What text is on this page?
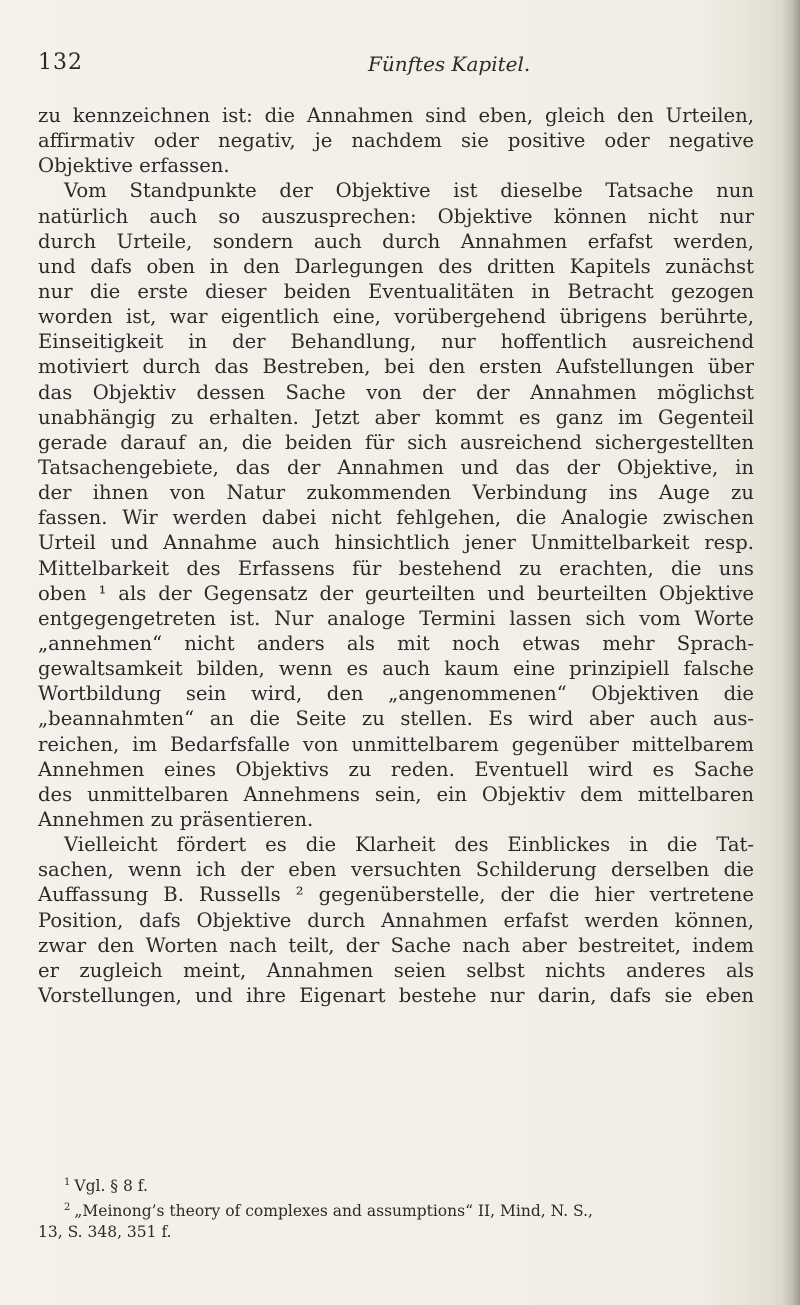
132	Fünftes Kapitel.
zu kennzeichnen ist: die Annahmen sind eben, gleich den Urteilen,
affirmativ oder negativ, je nachdem sie positive oder negative
Objektive erfassen.
Vom Standpunkte der Objektive ist dieselbe Tatsache nun
natürlich auch so auszusprechen: Objektive können nicht nur
durch Urteile, sondern auch durch Annahmen erfafst werden,
und dafs oben in den Darlegungen des dritten Kapitels zunächst
nur die erste dieser beiden Eventualitäten in Betracht gezogen
worden ist, war eigentlich eine, vorübergehend übrigens berührte,
Einseitigkeit in der Behandlung, nur hoffentlich ausreichend
motiviert durch das Bestreben, bei den ersten Aufstellungen über
das Objektiv dessen Sache von der der Annahmen möglichst
unabhängig zu erhalten. Jetzt aber kommt es ganz im Gegenteil
gerade darauf an, die beiden für sich ausreichend sichergestellten
Tatsachengebiete, das der Annahmen und das der Objektive, in
der ihnen von Natur zukommenden Verbindung ins Auge zu
fassen. Wir werden dabei nicht fehlgehen, die Analogie zwischen
Urteil und Annahme auch hinsichtlich jener Unmittelbarkeit resp.
Mittelbarkeit des Erfassens für bestehend zu erachten, die uns
oben ¹ als der Gegensatz der geurteilten und beurteilten Objektive
entgegengetreten ist. Nur analoge Termini lassen sich vom Worte
„annehmen“ nicht anders als mit noch etwas mehr Sprach-
gewaltsamkeit bilden, wenn es auch kaum eine prinzipiell falsche
Wortbildung sein wird, den „angenommenen“ Objektiven die
„beannahmten“ an die Seite zu stellen. Es wird aber auch aus-
reichen, im Bedarfsfalle von unmittelbarem gegenüber mittelbarem
Annehmen eines Objektivs zu reden. Eventuell wird es Sache
des unmittelbaren Annehmens sein, ein Objektiv dem mittelbaren
Annehmen zu präsentieren.
Vielleicht fördert es die Klarheit des Einblickes in die Tat-
sachen, wenn ich der eben versuchten Schilderung derselben die
Auffassung B. Russells ² gegenüberstelle, der die hier vertretene
Position, dafs Objektive durch Annahmen erfafst werden können,
zwar den Worten nach teilt, der Sache nach aber bestreitet, indem
er zugleich meint, Annahmen seien selbst nichts anderes als
Vorstellungen, und ihre Eigenart bestehe nur darin, dafs sie eben
$^1$ Vgl. § 8 f.
$^2$ „Meinong’s theory of complexes and assumptions“ II, Mind, N. S.,
13, S. 348, 351 f.
